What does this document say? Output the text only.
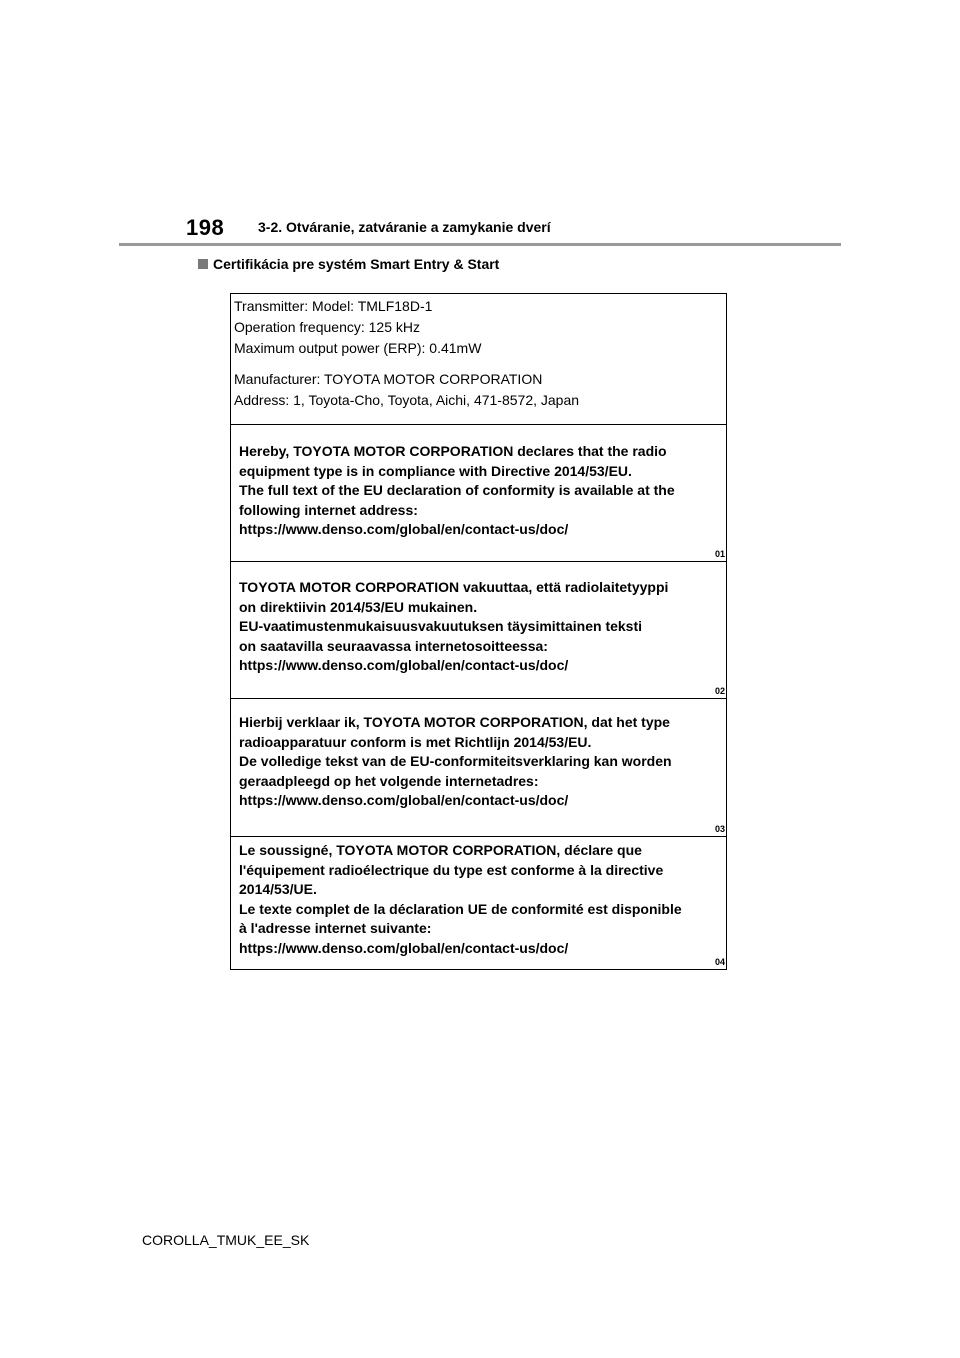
198 3-2. Otváranie, zatváranie a zamykanie dverí
Certifikácia pre systém Smart Entry & Start
Transmitter: Model: TMLF18D-1
Operation frequency: 125 kHz
Maximum output power (ERP): 0.41mW
Manufacturer: TOYOTA MOTOR CORPORATION
Address: 1, Toyota-Cho, Toyota, Aichi, 471-8572, Japan
Hereby, TOYOTA MOTOR CORPORATION declares that the radio
equipment type is in compliance with Directive 2014/53/EU.
The full text of the EU declaration of conformity is available at the
following internet address:
https://www.denso.com/global/en/contact-us/doc/
01
TOYOTA MOTOR CORPORATION vakuuttaa, että radiolaitetyyppi
on direktiivin 2014/53/EU mukainen.
EU-vaatimustenmukaisuusvakuutuksen täysimittainen teksti
on saatavilla seuraavassa internetosoitteessa:
https://www.denso.com/global/en/contact-us/doc/
02
Hierbij verklaar ik, TOYOTA MOTOR CORPORATION, dat het type
radioapparatuur conform is met Richtlijn 2014/53/EU.
De volledige tekst van de EU-conformiteitsverklaring kan worden
geraadpleegd op het volgende internetadres:
https://www.denso.com/global/en/contact-us/doc/
03
Le soussigné, TOYOTA MOTOR CORPORATION, déclare que
l'équipement radioélectrique du type est conforme à la directive
2014/53/UE.
Le texte complet de la déclaration UE de conformité est disponible
à l'adresse internet suivante:
https://www.denso.com/global/en/contact-us/doc/
04
COROLLA_TMUK_EE_SK
